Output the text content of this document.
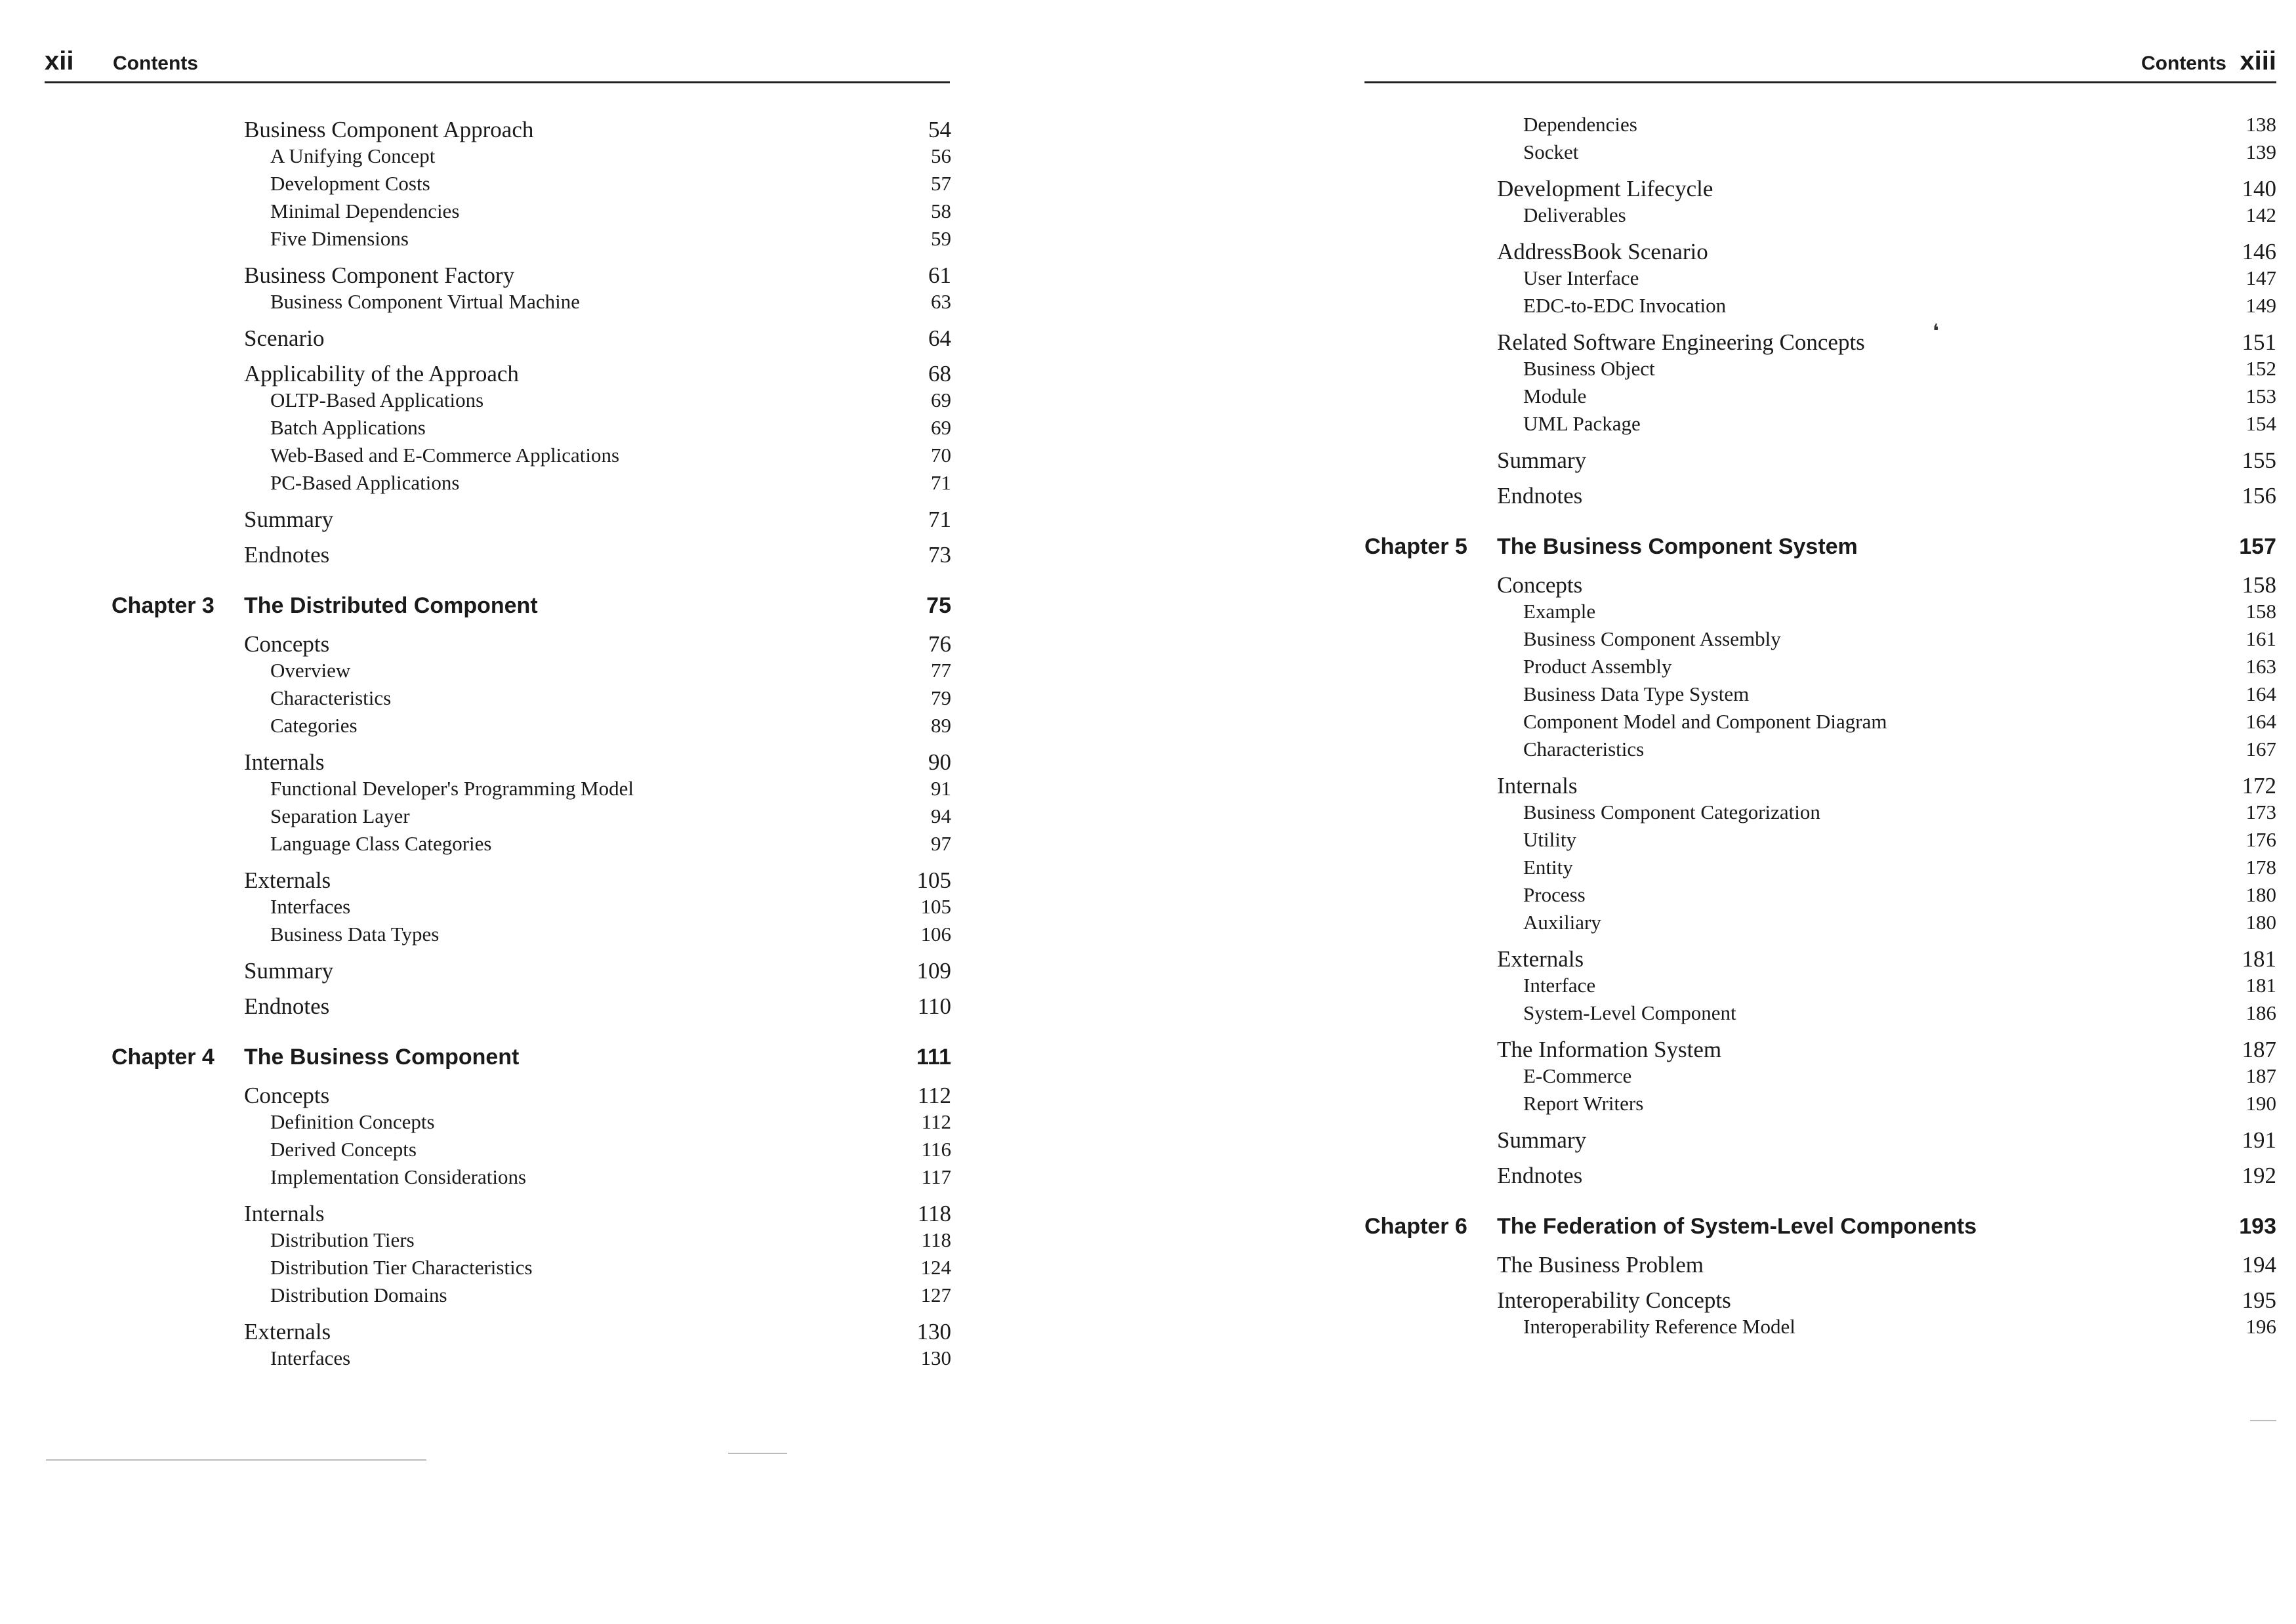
xii Contents
Business Component Approach	54
A Unifying Concept	56
Development Costs	57
Minimal Dependencies	58
Five Dimensions	59
Business Component Factory	61
Business Component Virtual Machine	63
Scenario	64
Applicability of the Approach	68
OLTP-Based Applications	69
Batch Applications	69
Web-Based and E-Commerce Applications	70
PC-Based Applications	71
Summary	71
Endnotes	73
Chapter 3 The Distributed Component	75
Concepts	76
Overview	77
Characteristics	79
Categories	89
Internals	90
Functional Developer's Programming Model	91
Separation Layer	94
Language Class Categories	97
Externals	105
Interfaces	105
Business Data Types	106
Summary	109
Endnotes	110
Chapter 4 The Business Component	111
Concepts	112
Definition Concepts	112
Derived Concepts	116
Implementation Considerations	117
Internals	118
Distribution Tiers	118
Distribution Tier Characteristics	124
Distribution Domains	127
Externals	130
Interfaces	130
Contents xiii
Dependencies	138
Socket	139
Development Lifecycle	140
Deliverables	142
AddressBook Scenario	146
User Interface	147
EDC-to-EDC Invocation	149
Related Software Engineering Concepts	151
Business Object	152
Module	153
UML Package	154
Summary	155
Endnotes	156
Chapter 5 The Business Component System	157
Concepts	158
Example	158
Business Component Assembly	161
Product Assembly	163
Business Data Type System	164
Component Model and Component Diagram	164
Characteristics	167
Internals	172
Business Component Categorization	173
Utility	176
Entity	178
Process	180
Auxiliary	180
Externals	181
Interface	181
System-Level Component	186
The Information System	187
E-Commerce	187
Report Writers	190
Summary	191
Endnotes	192
Chapter 6 The Federation of System-Level Components	193
The Business Problem	194
Interoperability Concepts	195
Interoperability Reference Model	196
❛
